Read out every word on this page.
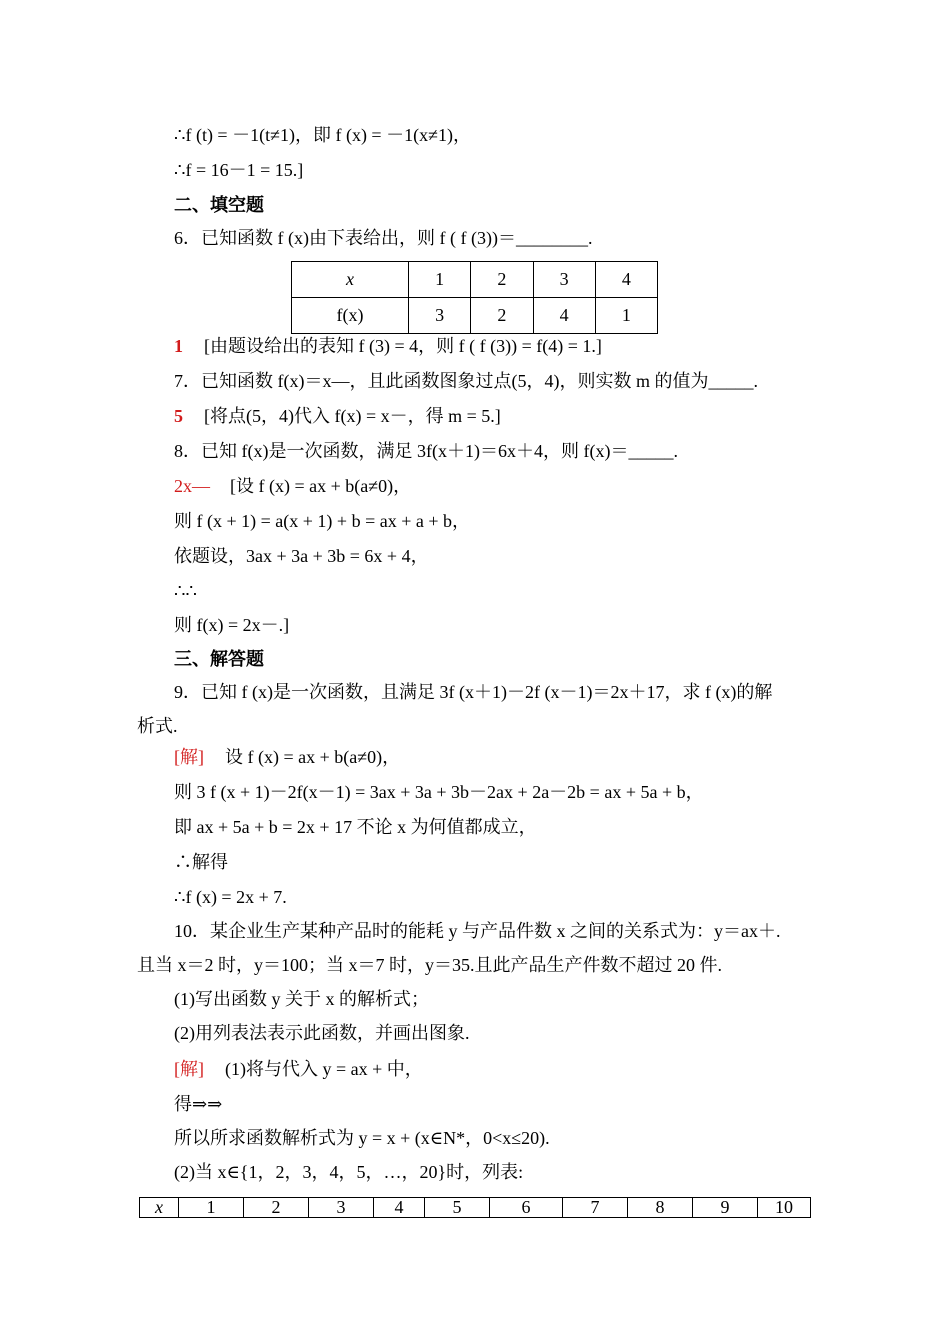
∴f (t) = －1(t≠1)，即 f (x) = －1(x≠1)，
∴f = 16－1 = 15.]
二、填空题
6．已知函数 f (x)由下表给出，则 f ( f (3))＝________.
x	1	2	3	4
f(x)	3	2	4	1
1 [由题设给出的表知 f (3) = 4，则 f ( f (3)) = f(4) = 1.]
7．已知函数 f(x)＝x—，且此函数图象过点(5，4)，则实数 m 的值为_____.
5 [将点(5，4)代入 f(x) = x－，得 m = 5.]
8．已知 f(x)是一次函数，满足 3f(x＋1)＝6x＋4，则 f(x)＝_____.
2x— [设 f (x) = ax + b(a≠0)，
则 f (x + 1) = a(x + 1) + b = ax + a + b，
依题设，3ax + 3a + 3b = 6x + 4，
∴∴
则 f(x) = 2x－.]
三、解答题
9．已知 f (x)是一次函数，且满足 3f (x＋1)－2f (x－1)＝2x＋17，求 f (x)的解
析式.
[解] 设 f (x) = ax + b(a≠0)，
则 3 f (x + 1)－2f(x－1) = 3ax + 3a + 3b－2ax + 2a－2b = ax + 5a + b，
即 ax + 5a + b = 2x + 17 不论 x 为何值都成立，
∴解得
∴f (x) = 2x + 7.
10．某企业生产某种产品时的能耗 y 与产品件数 x 之间的关系式为：y＝ax＋.
且当 x＝2 时，y＝100；当 x＝7 时，y＝35.且此产品生产件数不超过 20 件.
(1)写出函数 y 关于 x 的解析式；
(2)用列表法表示此函数，并画出图象.
[解] (1)将与代入 y = ax + 中，
得⇒⇒
所以所求函数解析式为 y = x + (x∈N*，0<x≤20).
(2)当 x∈{1，2，3，4，5，…，20}时，列表:
x	1	2	3	4	5	6	7	8	9	10
